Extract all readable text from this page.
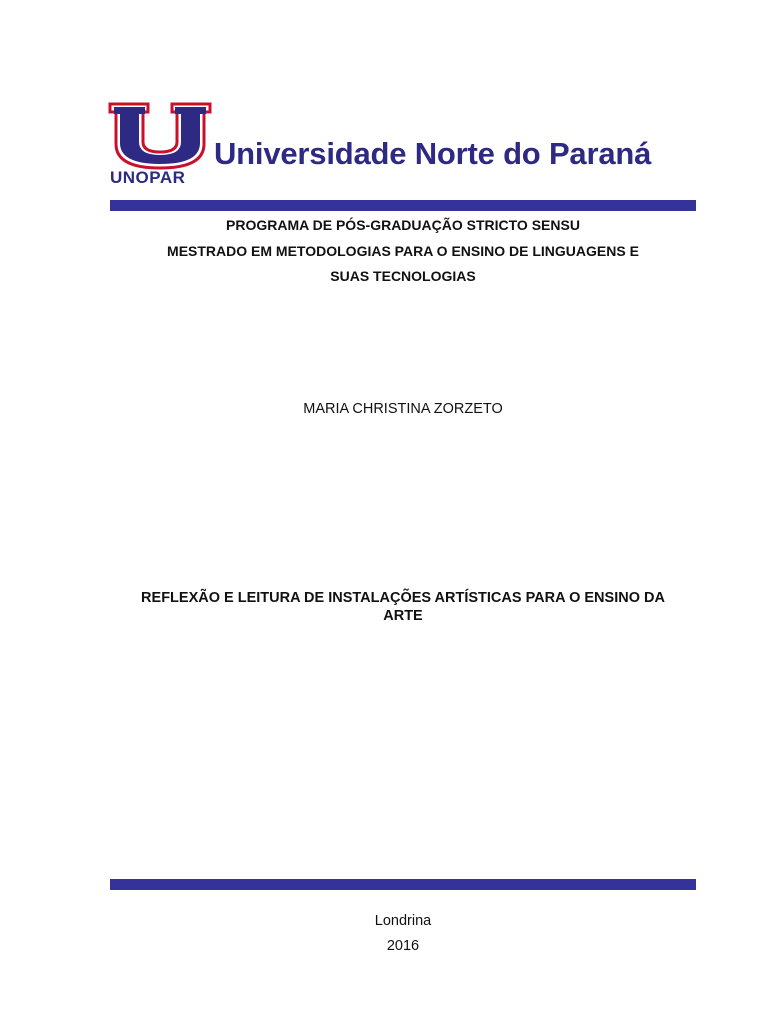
UNOPAR
Universidade Norte do Paraná
PROGRAMA DE PÓS-GRADUAÇÃO STRICTO SENSU
MESTRADO EM METODOLOGIAS PARA O ENSINO DE LINGUAGENS E
SUAS TECNOLOGIAS
MARIA CHRISTINA ZORZETO
REFLEXÃO E LEITURA DE INSTALAÇÕES ARTÍSTICAS PARA O ENSINO DA
ARTE
Londrina
2016
